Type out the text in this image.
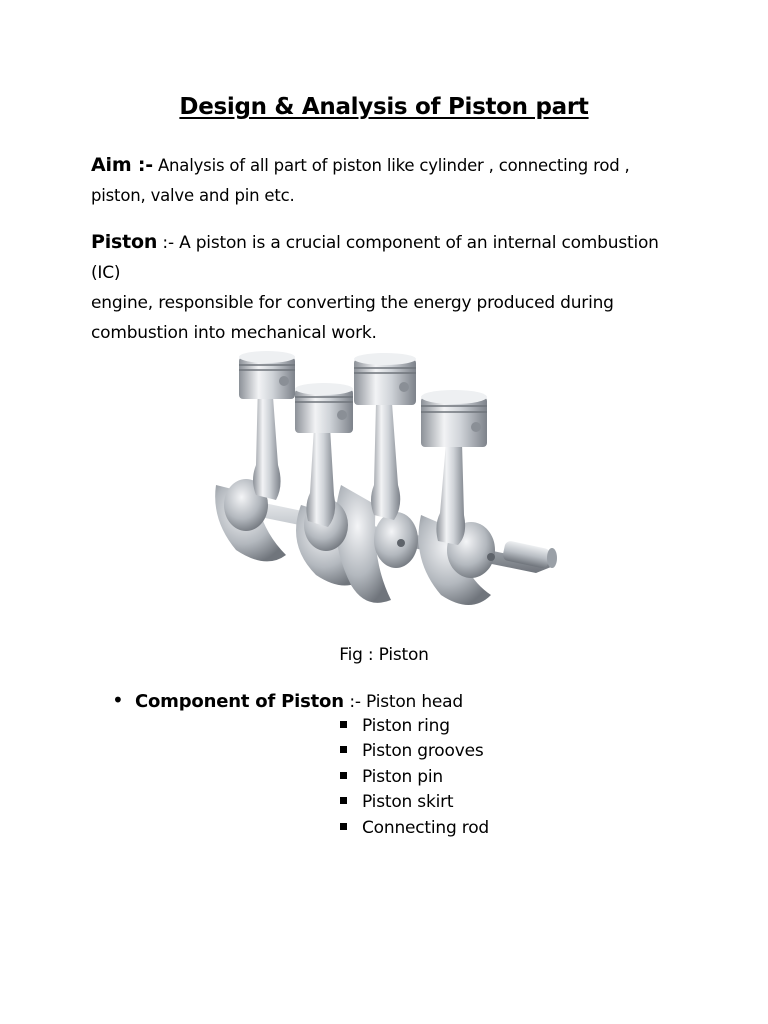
Design & Analysis of Piston part
Aim :- Analysis of all part of piston like cylinder , connecting rod ,
piston, valve and pin etc.
Piston :- A piston is a crucial component of an internal combustion (IC)
engine, responsible for converting the energy produced during
combustion into mechanical work.
Fig : Piston
• Component of Piston :- Piston head
Piston ring
Piston grooves
Piston pin
Piston skirt
Connecting rod
